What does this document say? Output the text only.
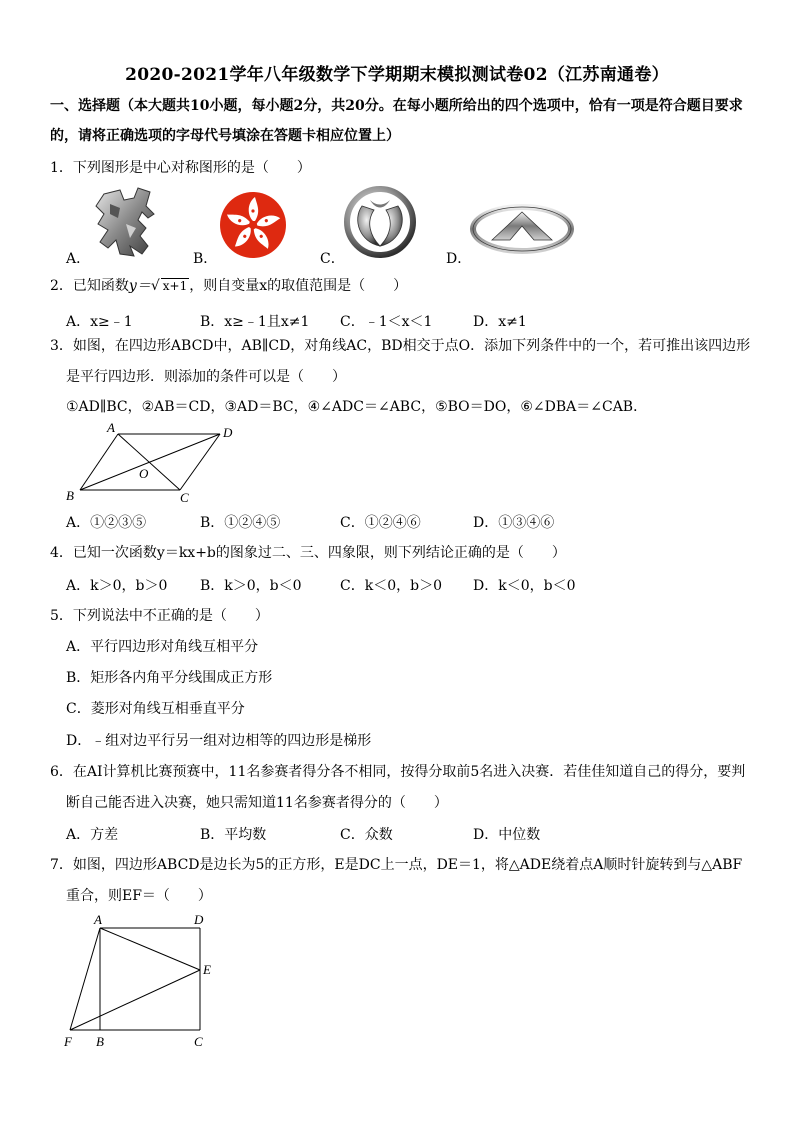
2020-2021学年八年级数学下学期期末模拟测试卷02（江苏南通卷）
一、选择题（本大题共10小题，每小题2分，共20分。在每小题所给出的四个选项中，恰有一项是符合题目要求
的，请将正确选项的字母代号填涂在答题卡相应位置上）
1．下列图形是中心对称图形的是（　　）
A．	B．	C．	D．
2．已知函数y＝√ x+1 ，则自变量x的取值范围是（　　）
A．x≥﹣1	B．x≥﹣1且x≠1 C．﹣1＜x＜1	D．x≠1
3．如图，在四边形ABCD中，AB∥CD，对角线AC，BD相交于点O．添加下列条件中的一个，若可推出该四边形
是平行四边形．则添加的条件可以是（　　）
①AD∥BC，②AB＝CD，③AD＝BC，④∠ADC＝∠ABC，⑤BO＝DO，⑥∠DBA＝∠CAB．
A	D
B	C
O
A．①②③⑤	B．①②④⑤	C．①②④⑥	D．①③④⑥
4．已知一次函数y＝kx+b的图象过二、三、四象限，则下列结论正确的是（　　）
A．k＞0，b＞0 B．k＞0，b＜0	C．k＜0，b＞0 D．k＜0，b＜0
5．下列说法中不正确的是（　　）
A．平行四边形对角线互相平分
B．矩形各内角平分线围成正方形
C．菱形对角线互相垂直平分
D．﹣组对边平行另一组对边相等的四边形是梯形
6．在AI计算机比赛预赛中，11名参赛者得分各不相同，按得分取前5名进入决赛．若佳佳知道自己的得分，要判
断自己能否进入决赛，她只需知道11名参赛者得分的（　　）
A．方差	B．平均数	C．众数	D．中位数
7．如图，四边形ABCD是边长为5的正方形，E是DC上一点，DE＝1，将△ADE绕着点A顺时针旋转到与△ABF
重合，则EF＝（　　）
A	D
E
F B	C
